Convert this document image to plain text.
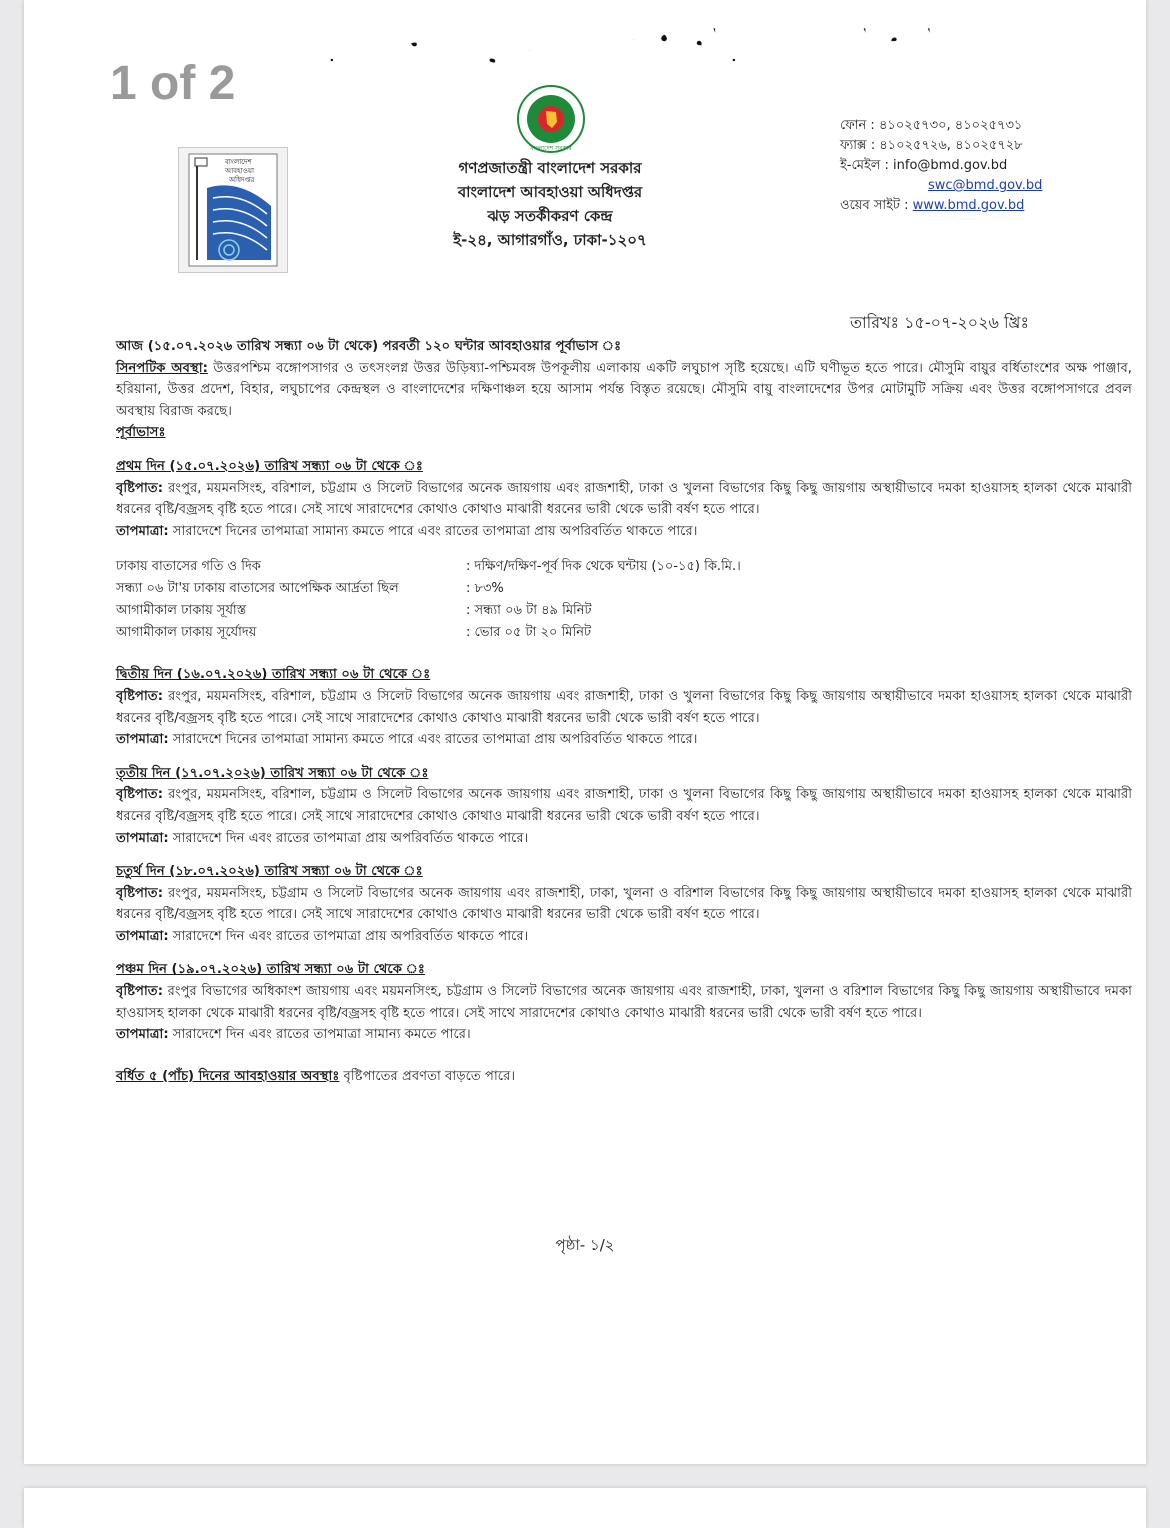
বাংলাদেশ
আবহাওয়া
অধিদপ্তর
বাংলাদেশ সরকার
গণপ্রজাতন্ত্রী বাংলাদেশ সরকার
বাংলাদেশ আবহাওয়া অধিদপ্তর
ঝড় সতর্কীকরণ কেন্দ্র
ই-২৪, আগারগাঁও, ঢাকা-১২০৭
ফোন : ৪১০২৫৭৩০, ৪১০২৫৭৩১
ফ্যাক্স : ৪১০২৫৭২৬, ৪১০২৫৭২৮
ই-মেইল : info@bmd.gov.bd
swc@bmd.gov.bd
ওয়েব সাইট : www.bmd.gov.bd
তারিখঃ ১৫-০৭-২০২৬ খ্রিঃ

আজ (১৫.০৭.২০২৬ তারিখ সন্ধ্যা ০৬ টা থেকে) পরবর্তী ১২০ ঘন্টার আবহাওয়ার পূর্বাভাস ঃ

সিনপটিক অবস্থা: উত্তরপশ্চিম বঙ্গোপসাগর ও তৎসংলগ্ন উত্তর উড়িষ্যা-পশ্চিমবঙ্গ উপকূলীয় এলাকায় একটি লঘুচাপ সৃষ্টি হয়েছে। এটি ঘণীভূত হতে পারে। মৌসুমি বায়ুর বর্ধিতাংশের অক্ষ পাঞ্জাব, হরিয়ানা, উত্তর প্রদেশ, বিহার, লঘুচাপের কেন্দ্রস্থল ও বাংলাদেশের দক্ষিণাঞ্চল হয়ে আসাম পর্যন্ত বিস্তৃত রয়েছে। মৌসুমি বায়ু বাংলাদেশের উপর মোটামুটি সক্রিয় এবং উত্তর বঙ্গোপসাগরে প্রবল অবস্থায় বিরাজ করছে।

পূর্বাভাসঃ

প্রথম দিন (১৫.০৭.২০২৬) তারিখ সন্ধ্যা ০৬ টা থেকে ঃ

বৃষ্টিপাত: রংপুর, ময়মনসিংহ, বরিশাল, চট্টগ্রাম ও সিলেট বিভাগের অনেক জায়গায় এবং রাজশাহী, ঢাকা ও খুলনা বিভাগের কিছু কিছু জায়গায় অস্থায়ীভাবে দমকা হাওয়াসহ হালকা থেকে মাঝারী ধরনের বৃষ্টি/বজ্রসহ বৃষ্টি হতে পারে। সেই সাথে সারাদেশের কোথাও কোথাও মাঝারী ধরনের ভারী থেকে ভারী বর্ষণ হতে পারে।

তাপমাত্রা: সারাদেশে দিনের তাপমাত্রা সামান্য কমতে পারে এবং রাতের তাপমাত্রা প্রায় অপরিবর্তিত থাকতে পারে।

ঢাকায় বাতাসের গতি ও দিক	: দক্ষিণ/দক্ষিণ-পূর্ব দিক থেকে ঘন্টায় (১০-১৫) কি.মি.।
সন্ধ্যা ০৬ টা'য় ঢাকায় বাতাসের আপেক্ষিক আর্দ্রতা ছিল	: ৮৩%
আগামীকাল ঢাকায় সূর্যাস্ত	: সন্ধ্যা ০৬ টা ৪৯ মিনিট
আগামীকাল ঢাকায় সূর্যোদয়	: ভোর ০৫ টা ২০ মিনিট

দ্বিতীয় দিন (১৬.০৭.২০২৬) তারিখ সন্ধ্যা ০৬ টা থেকে ঃ

বৃষ্টিপাত: রংপুর, ময়মনসিংহ, বরিশাল, চট্টগ্রাম ও সিলেট বিভাগের অনেক জায়গায় এবং রাজশাহী, ঢাকা ও খুলনা বিভাগের কিছু কিছু জায়গায় অস্থায়ীভাবে দমকা হাওয়াসহ হালকা থেকে মাঝারী ধরনের বৃষ্টি/বজ্রসহ বৃষ্টি হতে পারে। সেই সাথে সারাদেশের কোথাও কোথাও মাঝারী ধরনের ভারী থেকে ভারী বর্ষণ হতে পারে।

তাপমাত্রা: সারাদেশে দিনের তাপমাত্রা সামান্য কমতে পারে এবং রাতের তাপমাত্রা প্রায় অপরিবর্তিত থাকতে পারে।

তৃতীয় দিন (১৭.০৭.২০২৬) তারিখ সন্ধ্যা ০৬ টা থেকে ঃ

বৃষ্টিপাত: রংপুর, ময়মনসিংহ, বরিশাল, চট্টগ্রাম ও সিলেট বিভাগের অনেক জায়গায় এবং রাজশাহী, ঢাকা ও খুলনা বিভাগের কিছু কিছু জায়গায় অস্থায়ীভাবে দমকা হাওয়াসহ হালকা থেকে মাঝারী ধরনের বৃষ্টি/বজ্রসহ বৃষ্টি হতে পারে। সেই সাথে সারাদেশের কোথাও কোথাও মাঝারী ধরনের ভারী থেকে ভারী বর্ষণ হতে পারে।

তাপমাত্রা: সারাদেশে দিন এবং রাতের তাপমাত্রা প্রায় অপরিবর্তিত থাকতে পারে।

চতুর্থ দিন (১৮.০৭.২০২৬) তারিখ সন্ধ্যা ০৬ টা থেকে ঃ

বৃষ্টিপাত: রংপুর, ময়মনসিংহ, চট্টগ্রাম ও সিলেট বিভাগের অনেক জায়গায় এবং রাজশাহী, ঢাকা, খুলনা ও বরিশাল বিভাগের কিছু কিছু জায়গায় অস্থায়ীভাবে দমকা হাওয়াসহ হালকা থেকে মাঝারী ধরনের বৃষ্টি/বজ্রসহ বৃষ্টি হতে পারে। সেই সাথে সারাদেশের কোথাও কোথাও মাঝারী ধরনের ভারী থেকে ভারী বর্ষণ হতে পারে।

তাপমাত্রা: সারাদেশে দিন এবং রাতের তাপমাত্রা প্রায় অপরিবর্তিত থাকতে পারে।

পঞ্চম দিন (১৯.০৭.২০২৬) তারিখ সন্ধ্যা ০৬ টা থেকে ঃ

বৃষ্টিপাত: রংপুর বিভাগের অধিকাংশ জায়গায় এবং ময়মনসিংহ, চট্টগ্রাম ও সিলেট বিভাগের অনেক জায়গায় এবং রাজশাহী, ঢাকা, খুলনা ও বরিশাল বিভাগের কিছু কিছু জায়গায় অস্থায়ীভাবে দমকা হাওয়াসহ হালকা থেকে মাঝারী ধরনের বৃষ্টি/বজ্রসহ বৃষ্টি হতে পারে। সেই সাথে সারাদেশের কোথাও কোথাও মাঝারী ধরনের ভারী থেকে ভারী বর্ষণ হতে পারে।

তাপমাত্রা: সারাদেশে দিন এবং রাতের তাপমাত্রা সামান্য কমতে পারে।

বর্ধিত ৫ (পাঁচ) দিনের আবহাওয়ার অবস্থাঃ বৃষ্টিপাতের প্রবণতা বাড়তে পারে।

পৃষ্ঠা- ১/২
1 of 2
পরবর্তী ১২০ ঘন্টার পূর্বাভাস
